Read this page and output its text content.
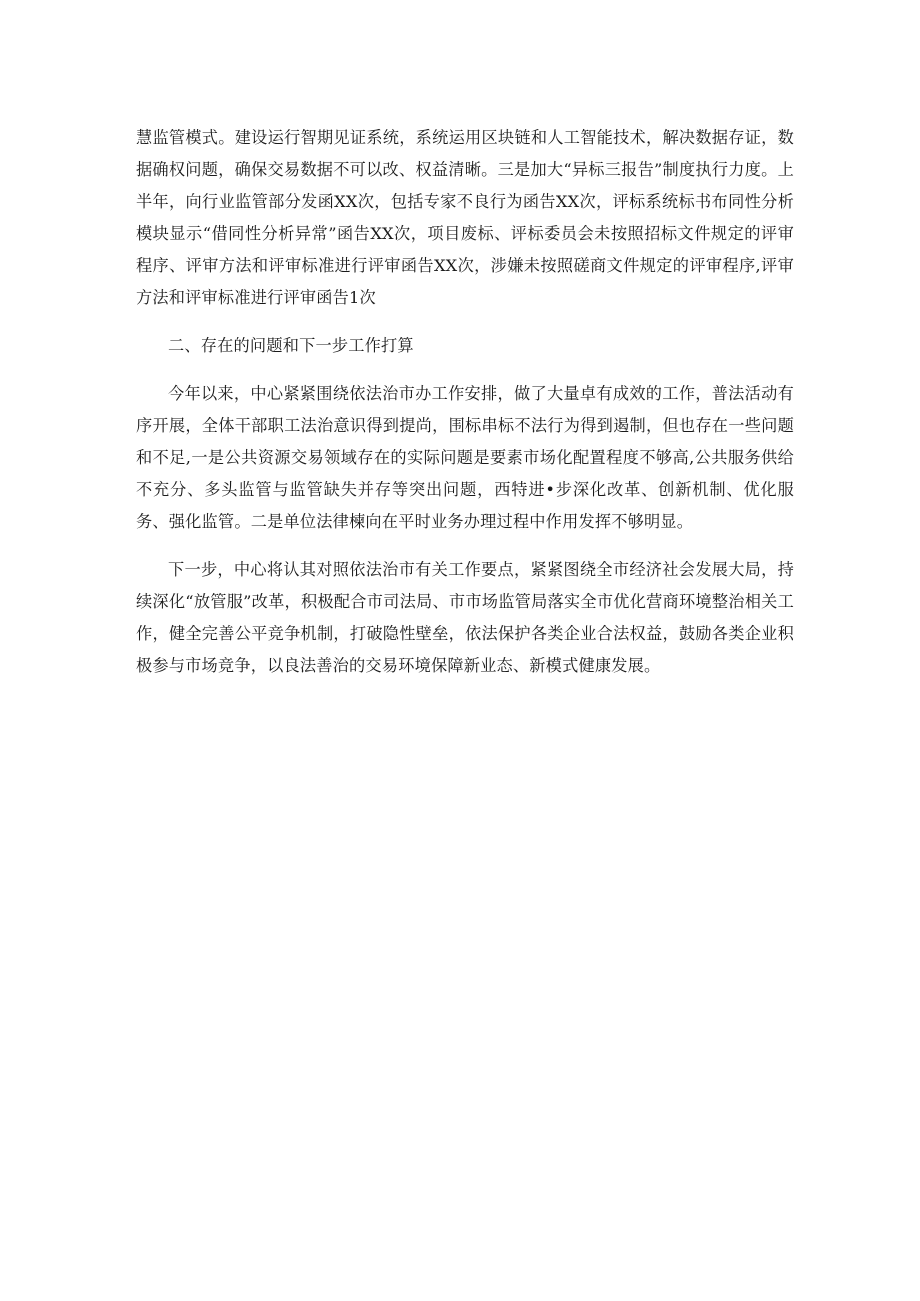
慧监管模式。建设运行智期见证系统，系统运用区块链和人工智能技术，解决数据存证，数据确权问题，确保交易数据不可以改、权益清晰。三是加大“异标三报告”制度执行力度。上半年，向行业监管部分发函XX次，包括专家不良行为函告XX次，评标系统标书布同性分析模块显示“借同性分析异常”函告XX次，项目废标、评标委员会未按照招标文件规定的评审程序、评审方法和评审标准进行评审函告XX次，涉嫌未按照磋商文件规定的评审程序,评审方法和评审标准进行评审函告1次

二、存在的问题和下一步工作打算

今年以来，中心紧紧围绕依法治市办工作安排，做了大量卓有成效的工作，普法活动有序开展，全体干部职工法治意识得到提尚，围标串标不法行为得到遏制，但也存在一些问题和不足,一是公共资源交易领域存在的实际问题是要素市场化配置程度不够高,公共服务供给不充分、多头监管与监管缺失并存等突出问题，西特进•步深化改革、创新机制、优化服务、强化监管。二是单位法律楝向在平时业务办理过程中作用发挥不够明显。

下一步，中心将认其对照依法治市有关工作要点，紧紧图绕全市经济社会发展大局，持续深化“放管服”改革，积极配合市司法局、市市场监管局落实全市优化营商环境整治相关工作，健全完善公平竞争机制，打破隐性壁垒，依法保护各类企业合法权益，鼓励各类企业积极参与市场竞争，以良法善治的交易环境保障新业态、新模式健康发展。
